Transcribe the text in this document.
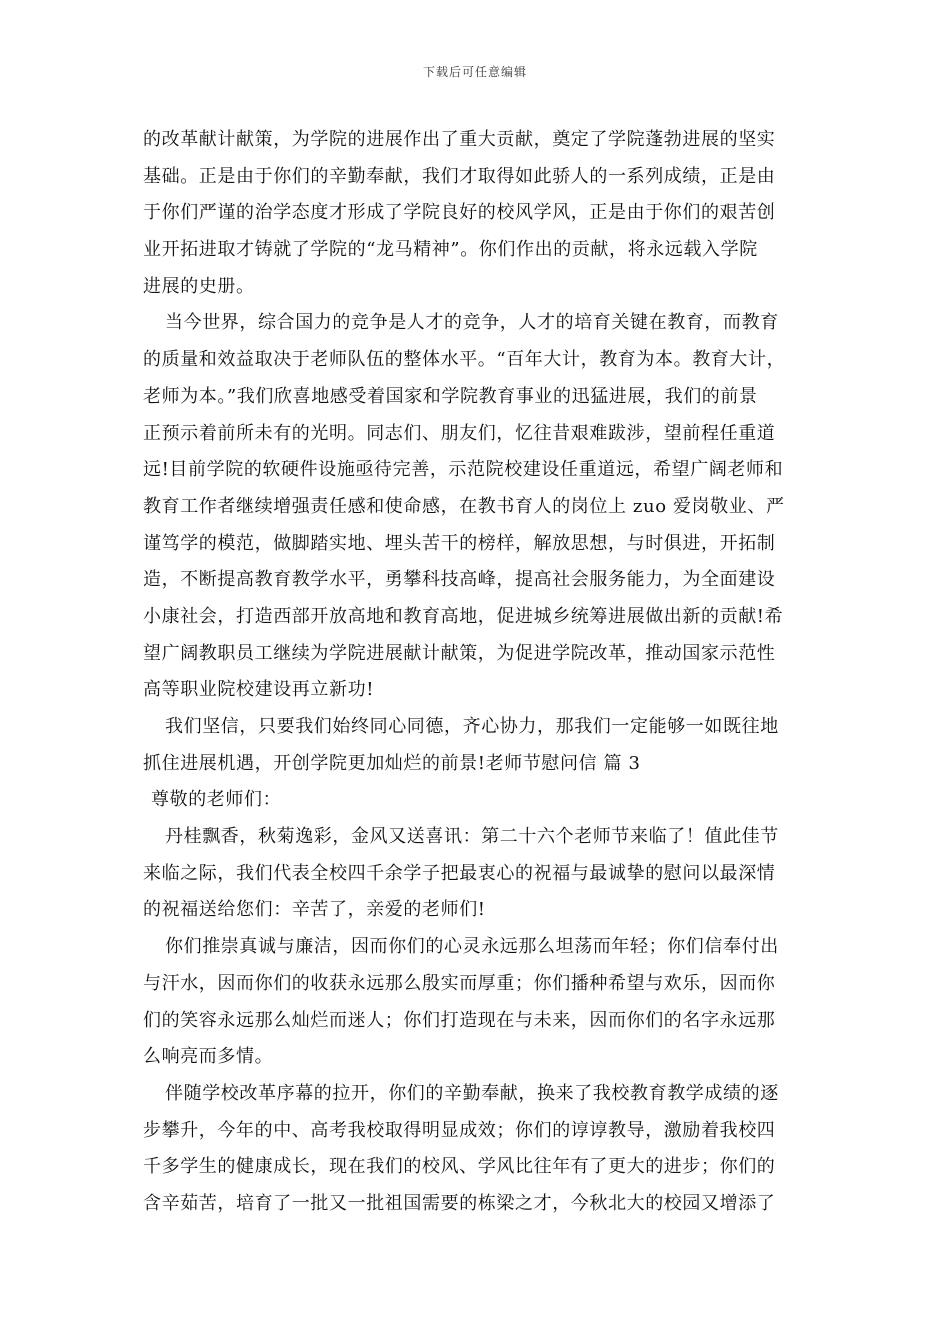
下载后可任意编辑
的改革献计献策，为学院的进展作出了重大贡献，奠定了学院蓬勃进展的坚实
基础。正是由于你们的辛勤奉献，我们才取得如此骄人的一系列成绩，正是由
于你们严谨的治学态度才形成了学院良好的校风学风，正是由于你们的艰苦创
业开拓进取才铸就了学院的“龙马精神”。你们作出的贡献，将永远载入学院
进展的史册。
当今世界，综合国力的竞争是人才的竞争，人才的培育关键在教育，而教育
的质量和效益取决于老师队伍的整体水平。“百年大计，教育为本。教育大计，
老师为本。”我们欣喜地感受着国家和学院教育事业的迅猛进展，我们的前景
正预示着前所未有的光明。同志们、朋友们，忆往昔艰难跋涉，望前程任重道
远!目前学院的软硬件设施亟待完善，示范院校建设任重道远，希望广阔老师和
教育工作者继续增强责任感和使命感，在教书育人的岗位上 zuo 爱岗敬业、严
谨笃学的模范，做脚踏实地、埋头苦干的榜样，解放思想，与时俱进，开拓制
造，不断提高教育教学水平，勇攀科技高峰，提高社会服务能力，为全面建设
小康社会，打造西部开放高地和教育高地，促进城乡统筹进展做出新的贡献!希
望广阔教职员工继续为学院进展献计献策，为促进学院改革，推动国家示范性
高等职业院校建设再立新功!
我们坚信，只要我们始终同心同德，齐心协力，那我们一定能够一如既往地
抓住进展机遇，开创学院更加灿烂的前景!老师节慰问信 篇 3
尊敬的老师们：
丹桂飘香，秋菊逸彩，金风又送喜讯：第二十六个老师节来临了！值此佳节
来临之际，我们代表全校四千余学子把最衷心的祝福与最诚挚的慰问以最深情
的祝福送给您们：辛苦了，亲爱的老师们!
你们推崇真诚与廉洁，因而你们的心灵永远那么坦荡而年轻；你们信奉付出
与汗水，因而你们的收获永远那么殷实而厚重；你们播种希望与欢乐，因而你
们的笑容永远那么灿烂而迷人；你们打造现在与未来，因而你们的名字永远那
么响亮而多情。
伴随学校改革序幕的拉开，你们的辛勤奉献，换来了我校教育教学成绩的逐
步攀升，今年的中、高考我校取得明显成效；你们的谆谆教导，激励着我校四
千多学生的健康成长，现在我们的校风、学风比往年有了更大的进步；你们的
含辛茹苦，培育了一批又一批祖国需要的栋梁之才，今秋北大的校园又增添了
